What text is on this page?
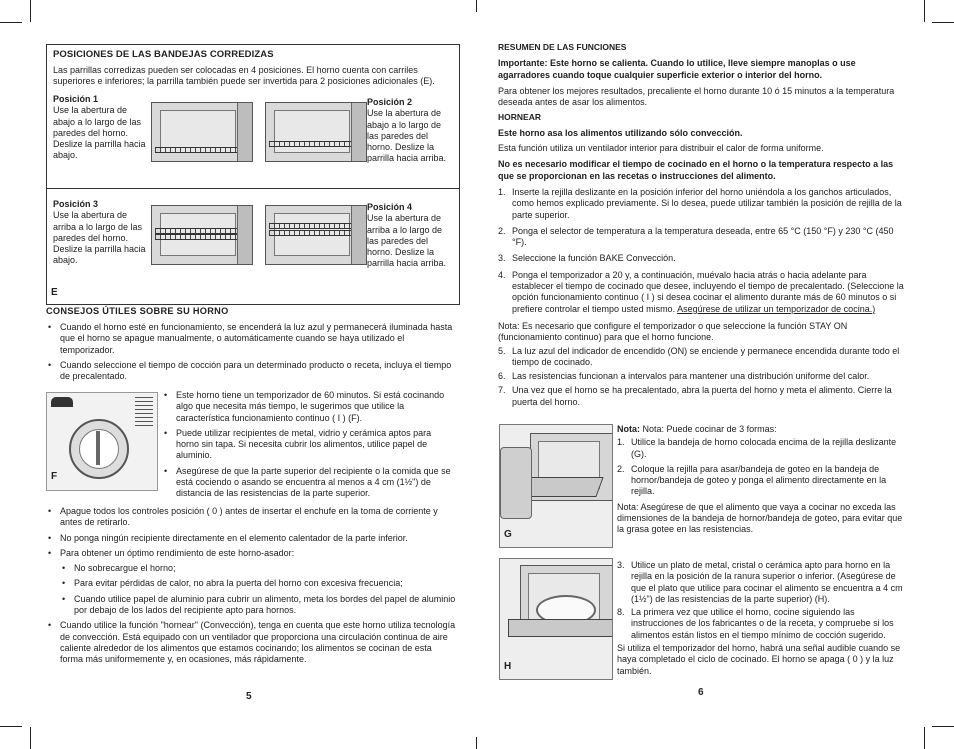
POSICIONES DE LAS BANDEJAS CORREDIZAS
Las parrillas corredizas pueden ser colocadas en 4 posiciones. El horno cuenta con carriles superiores e inferiores; la parrilla también puede ser invertida para 2 posiciones adicionales (E).
Posición 1
Use la abertura de abajo a lo largo de las paredes del horno. Deslize la parrilla hacia abajo.
Posición 2
Use la abertura de abajo a lo largo de las paredes del horno. Deslize la parrilla hacia arriba.
Posición 3
Use la abertura de arriba a lo largo de las paredes del horno. Deslize la parrilla hacia abajo.
Posición 4
Use la abertura de arriba a lo largo de las paredes del horno. Deslize la parrilla hacia arriba.
E
CONSEJOS ÚTILES SOBRE SU HORNO
• Cuando el horno esté en funcionamiento, se encenderá la luz azul y permanecerá iluminada hasta que el horno se apague manualmente, o automáticamente cuando se haya utilizado el temporizador.
• Cuando seleccione el tiempo de cocción para un determinado producto o receta, incluya el tiempo de precalentado.
F
• Este horno tiene un temporizador de 60 minutos. Si está cocinando algo que necesita más tiempo, le sugerimos que utilice la característica funcionamiento continuo ( I ) (F).
• Puede utilizar recipientes de metal, vidrio y cerámica aptos para horno sin tapa. Si necesita cubrir los alimentos, utilice papel de aluminio.
• Asegúrese de que la parte superior del recipiente o la comida que se está cociendo o asando se encuentra al menos a 4 cm (1½") de distancia de las resistencias de la parte superior.
• Apague todos los controles posición ( 0 ) antes de insertar el enchufe en la toma de corriente y antes de retirarlo.
• No ponga ningún recipiente directamente en el elemento calentador de la parte inferior.
• Para obtener un óptimo rendimiento de este horno-asador:
• No sobrecargue el horno;
• Para evitar pérdidas de calor, no abra la puerta del horno con excesiva frecuencia;
• Cuando utilice papel de aluminio para cubrir un alimento, meta los bordes del papel de aluminio por debajo de los lados del recipiente apto para hornos.
• Cuando utilice la función "hornear" (Convección), tenga en cuenta que este horno utiliza tecnología de convección. Está equipado con un ventilador que proporciona una circulación continua de aire caliente alrededor de los alimentos que estamos cocinando; los alimentos se cocinan de esta forma más uniformemente y, en ocasiones, más rápidamente.
5
RESUMEN DE LAS FUNCIONES
Importante: Este horno se calienta. Cuando lo utilice, lleve siempre manoplas o use agarradores cuando toque cualquier superficie exterior o interior del horno.
Para obtener los mejores resultados, precaliente el horno durante 10 ó 15 minutos a la temperatura deseada antes de asar los alimentos.
HORNEAR
Este horno asa los alimentos utilizando sólo convección.
Esta función utiliza un ventilador interior para distribuir el calor de forma uniforme.
No es necesario modificar el tiempo de cocinado en el horno o la temperatura respecto a las que se proporcionan en las recetas o instrucciones del alimento.
1. Inserte la rejilla deslizante en la posición inferior del horno uniéndola a los ganchos articulados, como hemos explicado previamente. Si lo desea, puede utilizar también la posición de rejilla de la parte superior.
2. Ponga el selector de temperatura a la temperatura deseada, entre 65 °C (150 °F) y 230 °C (450 °F).
3. Seleccione la función BAKE Convección.
4. Ponga el temporizador a 20 y, a continuación, muévalo hacia atrás o hacia adelante para establecer el tiempo de cocinado que desee, incluyendo el tiempo de precalentado. (Seleccione la opción funcionamiento continuo ( I ) si desea cocinar el alimento durante más de 60 minutos o si prefiere controlar el tiempo usted mismo. Asegúrese de utilizar un temporizador de cocina.)
Nota: Es necesario que configure el temporizador o que seleccione la función STAY ON (funcionamiento continuo) para que el horno funcione.
5. La luz azul del indicador de encendido (ON) se enciende y permanece encendida durante todo el tiempo de cocinado.
6. Las resistencias funcionan a intervalos para mantener una distribución uniforme del calor.
7. Una vez que el horno se ha precalentado, abra la puerta del horno y meta el alimento. Cierre la puerta del horno.
G
Nota: Nota: Puede cocinar de 3 formas:
1. Utilice la bandeja de horno colocada encima de la rejilla deslizante (G).
2. Coloque la rejilla para asar/bandeja de goteo en la bandeja de hornor/bandeja de goteo y ponga el alimento directamente en la rejilla.
Nota: Asegúrese de que el alimento que vaya a cocinar no exceda las dimensiones de la bandeja de hornor/bandeja de goteo, para evitar que la grasa gotee en las resistencias.
H
3. Utilice un plato de metal, cristal o cerámica apto para horno en la rejilla en la posición de la ranura superior o inferior. (Asegúrese de que el plato que utilice para cocinar el alimento se encuentra a 4 cm (1½") de las resistencias de la parte superior) (H).
8. La primera vez que utilice el horno, cocine siguiendo las instrucciones de los fabricantes o de la receta, y compruebe si los alimentos están listos en el tiempo mínimo de cocción sugerido.
Si utiliza el temporizador del horno, habrá una señal audible cuando se haya completado el ciclo de cocinado. El horno se apaga ( 0 ) y la luz también.
6
